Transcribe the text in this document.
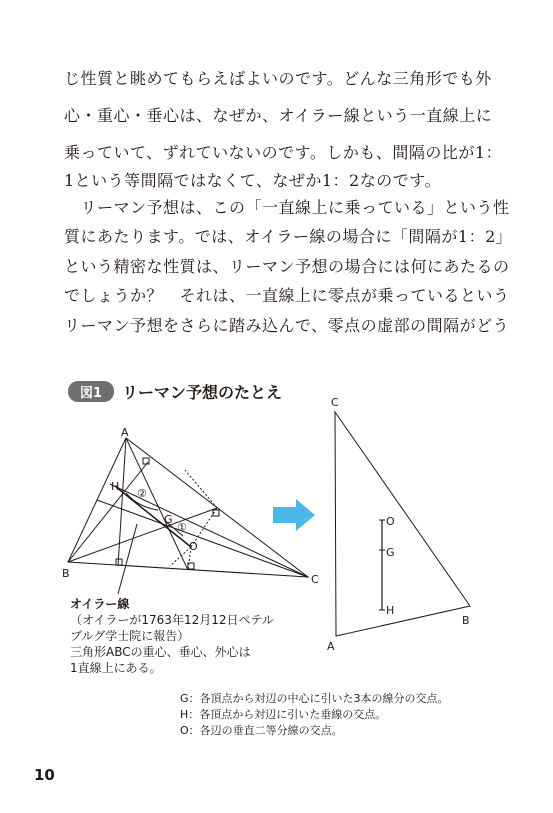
じ性質と眺めてもらえばよいのです。どんな三角形でも外
心・重心・垂心は、なぜか、オイラー線という一直線上に
乗っていて、ずれていないのです。しかも、間隔の比が1：
1という等間隔ではなくて、なぜか1：2なのです。
　リーマン予想は、この「一直線上に乗っている」という性
質にあたります。では、オイラー線の場合に「間隔が1：2」
という精密な性質は、リーマン予想の場合には何にあたるの
でしょうか？　それは、一直線上に零点が乗っているという
リーマン予想をさらに踏み込んで、零点の虚部の間隔がどう
図1	リーマン予想のたとえ
A
B	C
H
G
O
②
①
C
B
A
O
G
H
オイラー線
（オイラーが1763年12月12日ペテル
ブルグ学士院に報告）
三角形ABCの重心、垂心、外心は
1直線上にある。
G：各頂点から対辺の中心に引いた3本の線分の交点。
H：各頂点から対辺に引いた垂線の交点。
O：各辺の垂直二等分線の交点。
10
